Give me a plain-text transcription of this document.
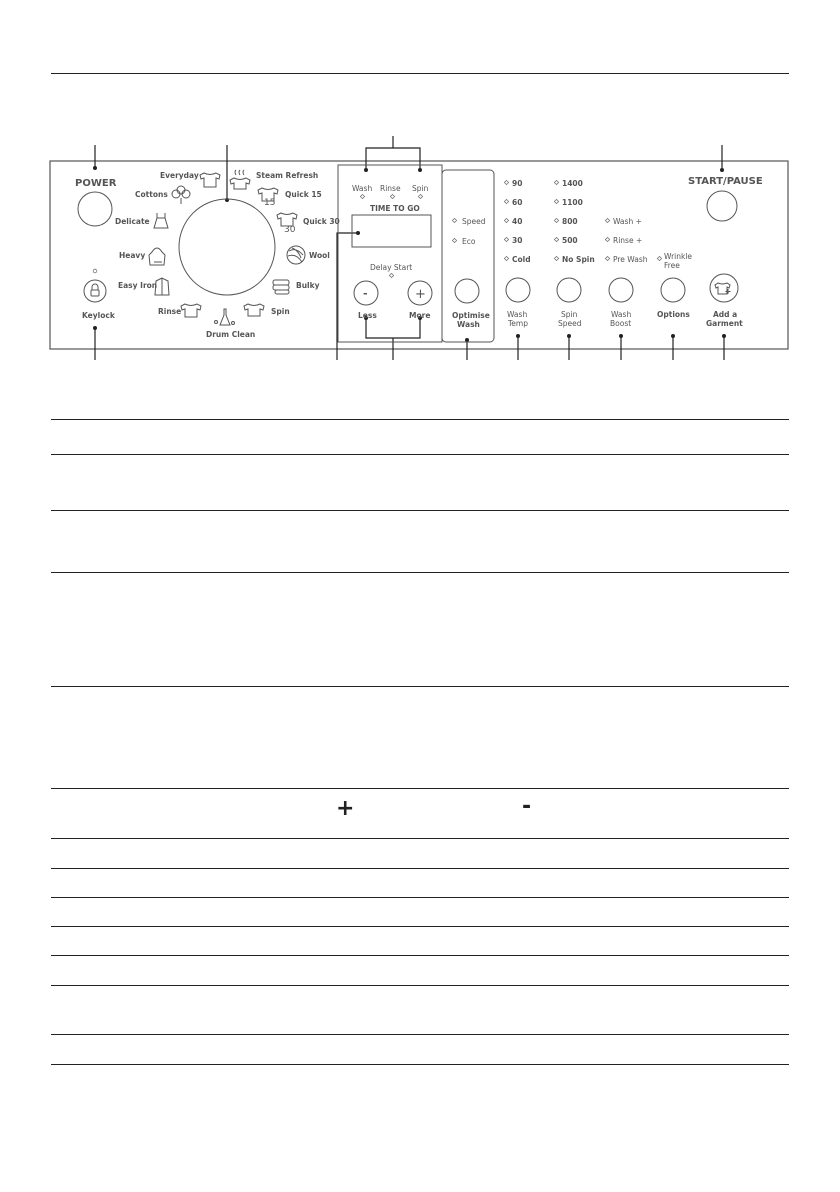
POWER
Keylock
Everyday	Steam Refresh
Cottons	Quick 15
Delicate	Quick 30
Heavy	Wool
Easy Iron	Bulky
Rinse	Spin
Drum Clean
15
30
Wash Rinse Spin
TIME TO GO
Delay Start
-	+
Less	More
Speed
Eco
Optimise
Wash
90
60
40
30
Cold
Wash
Temp
1400
1100
800
500
No Spin
Spin
Speed
Wash +
Rinse +
Pre Wash
Wash
Boost
Wrinkle
Free
Options	Add a
Garment
START/PAUSE
+	-
